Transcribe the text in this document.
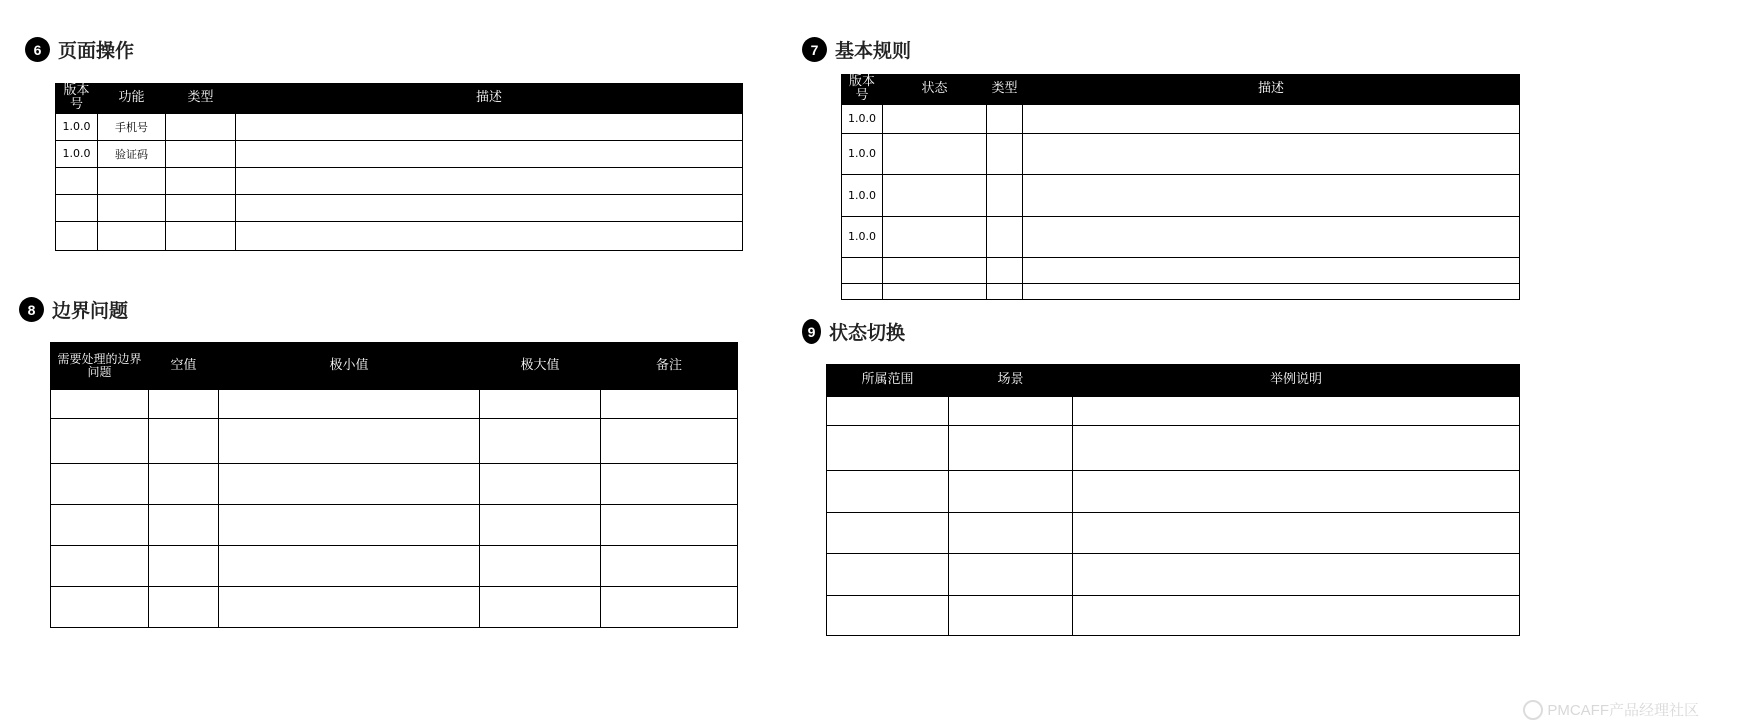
6 页面操作
版本号	功能	类型	描述
1.0.0	手机号		
1.0.0	验证码		

8 边界问题
需要处理的边界问题	空值	极小值	极大值	备注

7 基本规则
版本号	状态	类型	描述
1.0.0			
1.0.0			
1.0.0			
1.0.0			

9 状态切换
所属范围	场景	举例说明

PMCAFF产品经理社区
